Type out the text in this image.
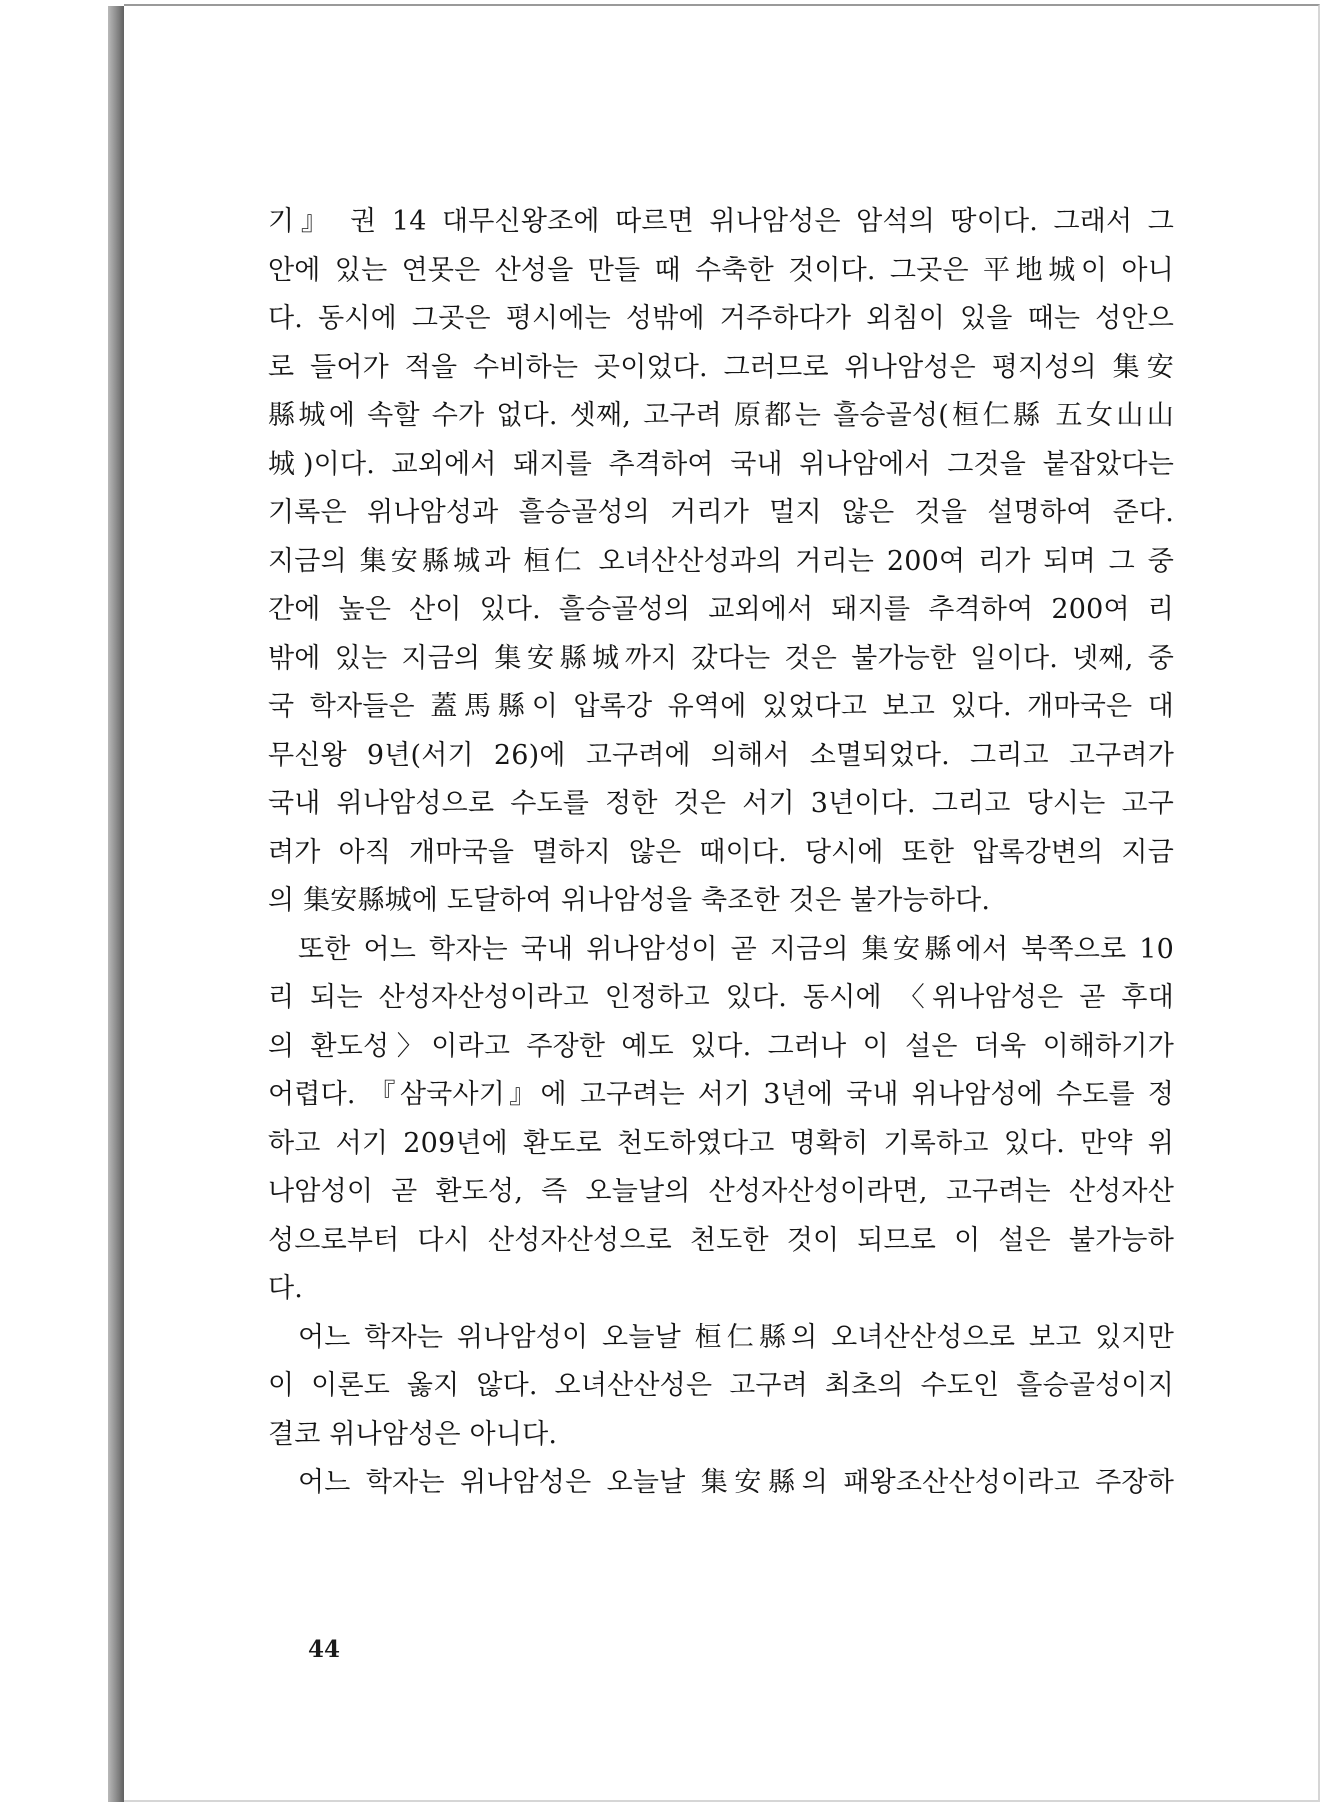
기』 권 14 대무신왕조에 따르면 위나암성은 암석의 땅이다. 그래서 그
안에 있는 연못은 산성을 만들 때 수축한 것이다. 그곳은 平地城이 아니
다. 동시에 그곳은 평시에는 성밖에 거주하다가 외침이 있을 때는 성안으
로 들어가 적을 수비하는 곳이었다. 그러므로 위나암성은 평지성의 集安
縣城에 속할 수가 없다. 셋째, 고구려 原都는 흘승골성(桓仁縣 五女山山
城)이다. 교외에서 돼지를 추격하여 국내 위나암에서 그것을 붙잡았다는
기록은 위나암성과 흘승골성의 거리가 멀지 않은 것을 설명하여 준다.
지금의 集安縣城과 桓仁 오녀산산성과의 거리는 200여 리가 되며 그 중
간에 높은 산이 있다. 흘승골성의 교외에서 돼지를 추격하여 200여 리
밖에 있는 지금의 集安縣城까지 갔다는 것은 불가능한 일이다. 넷째, 중
국 학자들은 蓋馬縣이 압록강 유역에 있었다고 보고 있다. 개마국은 대
무신왕 9년(서기 26)에 고구려에 의해서 소멸되었다. 그리고 고구려가
국내 위나암성으로 수도를 정한 것은 서기 3년이다. 그리고 당시는 고구
려가 아직 개마국을 멸하지 않은 때이다. 당시에 또한 압록강변의 지금
의 集安縣城에 도달하여 위나암성을 축조한 것은 불가능하다.
또한 어느 학자는 국내 위나암성이 곧 지금의 集安縣에서 북쪽으로 10
리 되는 산성자산성이라고 인정하고 있다. 동시에 〈위나암성은 곧 후대
의 환도성〉이라고 주장한 예도 있다. 그러나 이 설은 더욱 이해하기가
어렵다. 『삼국사기』에 고구려는 서기 3년에 국내 위나암성에 수도를 정
하고 서기 209년에 환도로 천도하였다고 명확히 기록하고 있다. 만약 위
나암성이 곧 환도성, 즉 오늘날의 산성자산성이라면, 고구려는 산성자산
성으로부터 다시 산성자산성으로 천도한 것이 되므로 이 설은 불가능하
다.
어느 학자는 위나암성이 오늘날 桓仁縣의 오녀산산성으로 보고 있지만
이 이론도 옳지 않다. 오녀산산성은 고구려 최초의 수도인 흘승골성이지
결코 위나암성은 아니다.
어느 학자는 위나암성은 오늘날 集安縣의 패왕조산산성이라고 주장하
44
